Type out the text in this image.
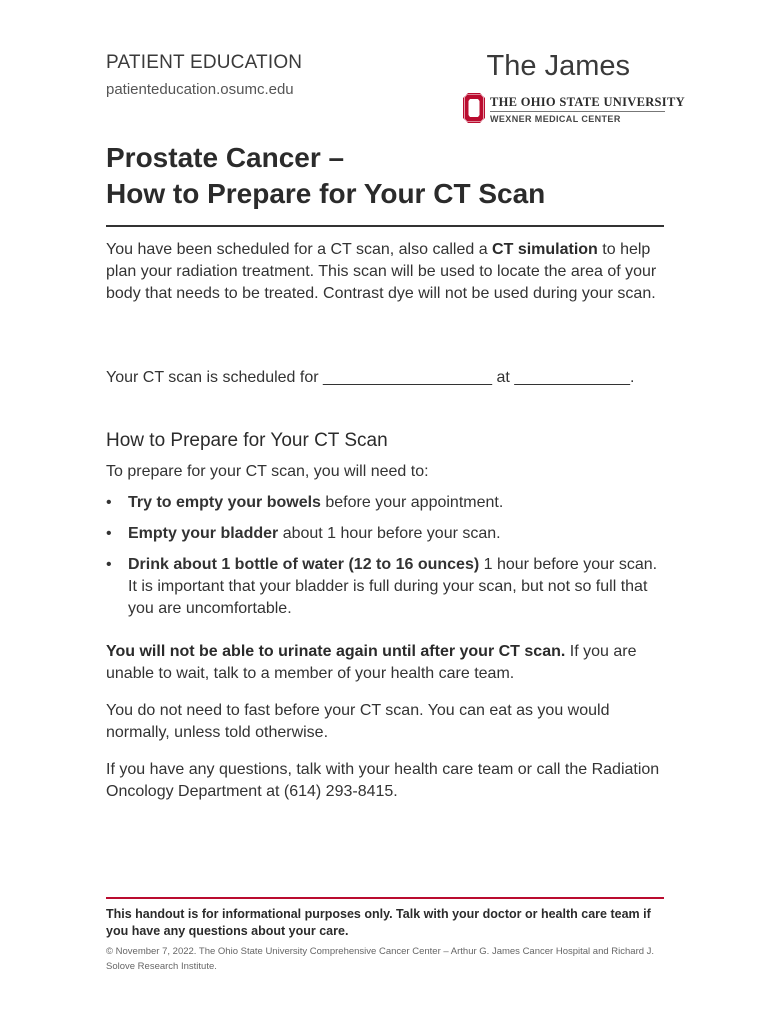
PATIENT EDUCATION
patienteducation.osumc.edu
The James
THE OHIO STATE UNIVERSITY
WEXNER MEDICAL CENTER
Prostate Cancer –
How to Prepare for Your CT Scan
You have been scheduled for a CT scan, also called a CT simulation to help plan your radiation treatment. This scan will be used to locate the area of your body that needs to be treated. Contrast dye will not be used during your scan.
Your CT scan is scheduled for ___________________ at _____________.
How to Prepare for Your CT Scan
To prepare for your CT scan, you will need to:
• Try to empty your bowels before your appointment.
• Empty your bladder about 1 hour before your scan.
• Drink about 1 bottle of water (12 to 16 ounces) 1 hour before your scan. It is important that your bladder is full during your scan, but not so full that you are uncomfortable.
You will not be able to urinate again until after your CT scan. If you are unable to wait, talk to a member of your health care team.
You do not need to fast before your CT scan. You can eat as you would normally, unless told otherwise.
If you have any questions, talk with your health care team or call the Radiation Oncology Department at (614) 293-8415.
This handout is for informational purposes only. Talk with your doctor or health care team if you have any questions about your care.
© November 7, 2022. The Ohio State University Comprehensive Cancer Center – Arthur G. James Cancer Hospital and Richard J. Solove Research Institute.
